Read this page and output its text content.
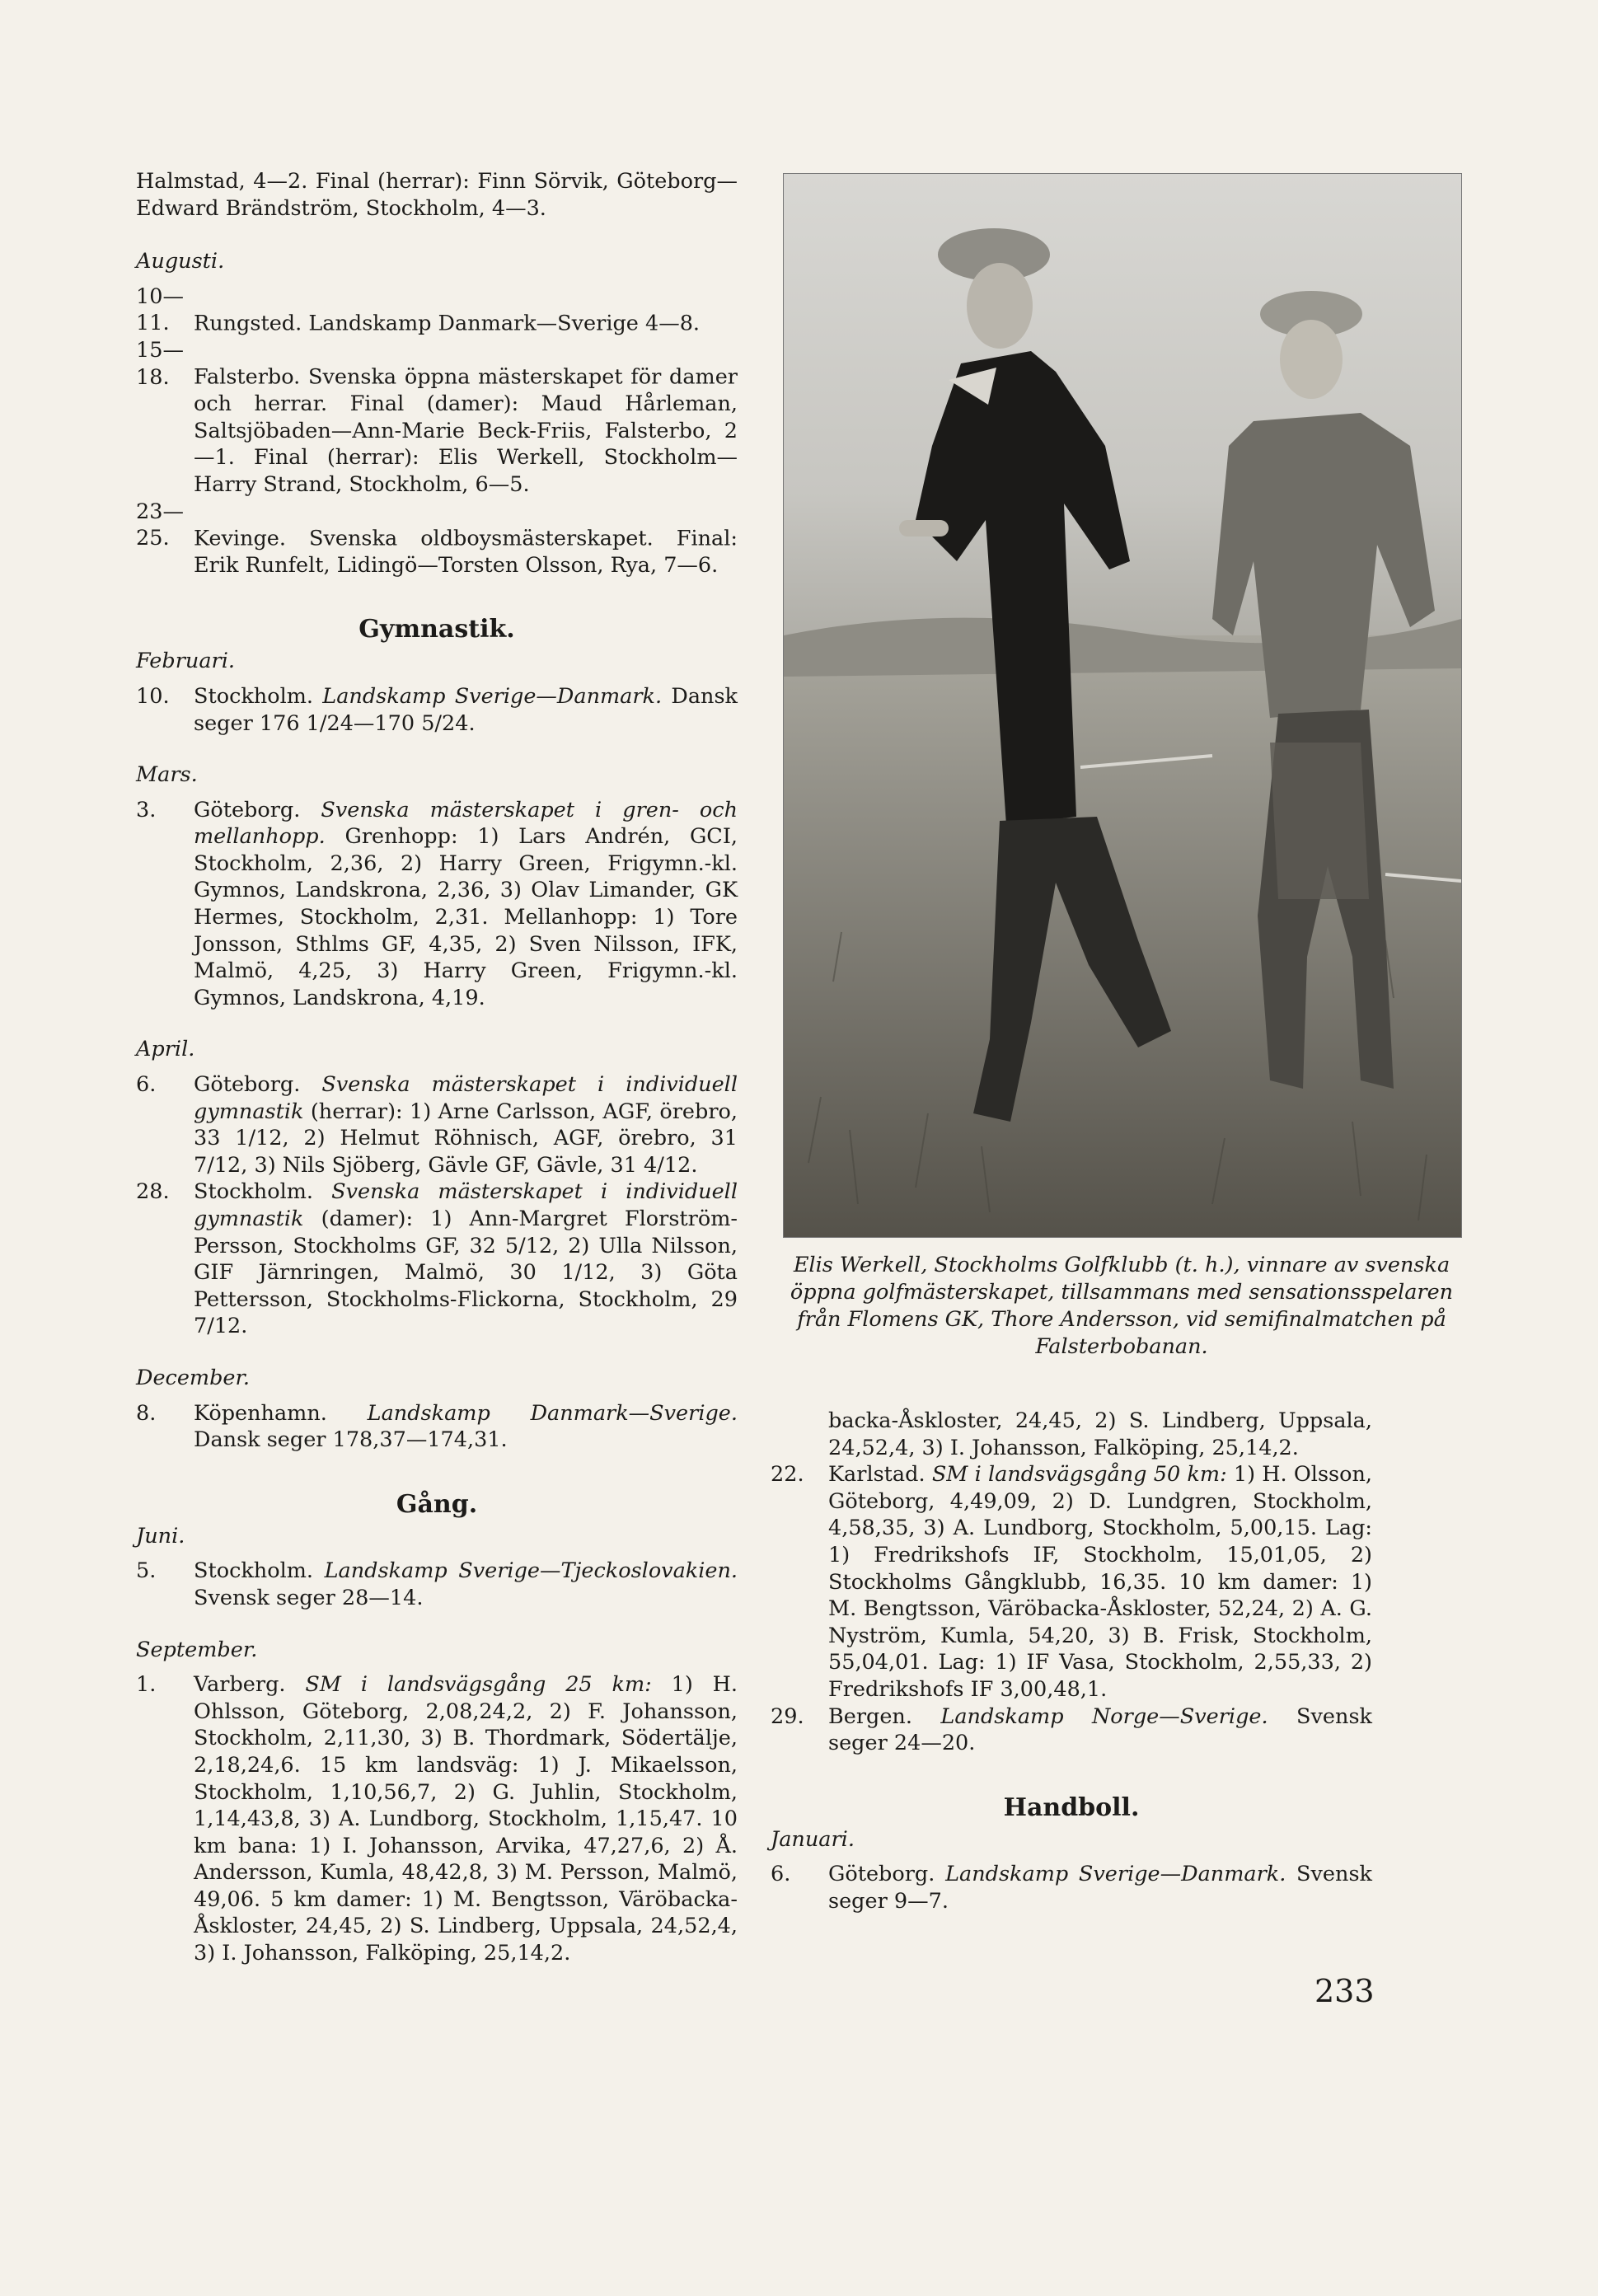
Halmstad, 4—2. Final (herrar): Finn Sörvik, Göteborg—Edward Brändström, Stockholm, 4—3.

Augusti.

10—11. Rungsted. Landskamp Danmark—Sverige 4—8.

15—18. Falsterbo. Svenska öppna mästerskapet för damer och herrar. Final (damer): Maud Hårleman, Saltsjöbaden—Ann-Marie Beck-Friis, Falsterbo, 2—1. Final (herrar): Elis Werkell, Stockholm—Harry Strand, Stockholm, 6—5.

23—25. Kevinge. Svenska oldboysmästerskapet. Final: Erik Runfelt, Lidingö—Torsten Olsson, Rya, 7—6.

Gymnastik.
Februari.

10. Stockholm. Landskamp Sverige—Danmark. Dansk seger 176 1/24—170 5/24.

Mars.

3. Göteborg. Svenska mästerskapet i gren- och mellanhopp. Grenhopp: 1) Lars Andrén, GCI, Stockholm, 2,36, 2) Harry Green, Frigymn.-kl. Gymnos, Landskrona, 2,36, 3) Olav Limander, GK Hermes, Stockholm, 2,31. Mellanhopp: 1) Tore Jonsson, Sthlms GF, 4,35, 2) Sven Nilsson, IFK, Malmö, 4,25, 3) Harry Green, Frigymn.-kl. Gymnos, Landskrona, 4,19.

April.

6. Göteborg. Svenska mästerskapet i individuell gymnastik (herrar): 1) Arne Carlsson, AGF, örebro, 33 1/12, 2) Helmut Röhnisch, AGF, örebro, 31 7/12, 3) Nils Sjöberg, Gävle GF, Gävle, 31 4/12.

28. Stockholm. Svenska mästerskapet i individuell gymnastik (damer): 1) Ann-Margret Florström-Persson, Stockholms GF, 32 5/12, 2) Ulla Nilsson, GIF Järnringen, Malmö, 30 1/12, 3) Göta Pettersson, Stockholms-Flickorna, Stockholm, 29 7/12.

December.

8. Köpenhamn. Landskamp Danmark—Sverige. Dansk seger 178,37—174,31.

Gång.
Juni.

5. Stockholm. Landskamp Sverige—Tjeckoslovakien. Svensk seger 28—14.

September.

1. Varberg. SM i landsvägsgång 25 km: 1) H. Ohlsson, Göteborg, 2,08,24,2, 2) F. Johansson, Stockholm, 2,11,30, 3) B. Thordmark, Södertälje, 2,18,24,6. 15 km landsväg: 1) J. Mikaelsson, Stockholm, 1,10,56,7, 2) G. Juhlin, Stockholm, 1,14,43,8, 3) A. Lundborg, Stockholm, 1,15,47. 10 km bana: 1) I. Johansson, Arvika, 47,27,6, 2) Å. Andersson, Kumla, 48,42,8, 3) M. Persson, Malmö, 49,06. 5 km damer: 1) M. Bengtsson, Väröbacka-Åskloster, 24,45, 2) S. Lindberg, Uppsala, 24,52,4, 3) I. Johansson, Falköping, 25,14,2.

Elis Werkell, Stockholms Golfklubb (t. h.), vinnare av svenska öppna golfmästerskapet, tillsammans med sensationsspelaren från Flomens GK, Thore Andersson, vid semifinalmatchen på Falsterbobanan.

backa-Åskloster, 24,45, 2) S. Lindberg, Uppsala, 24,52,4, 3) I. Johansson, Falköping, 25,14,2.

22. Karlstad. SM i landsvägsgång 50 km: 1) H. Olsson, Göteborg, 4,49,09, 2) D. Lundgren, Stockholm, 4,58,35, 3) A. Lundborg, Stockholm, 5,00,15. Lag: 1) Fredrikshofs IF, Stockholm, 15,01,05, 2) Stockholms Gångklubb, 16,35. 10 km damer: 1) M. Bengtsson, Väröbacka-Åskloster, 52,24, 2) A. G. Nyström, Kumla, 54,20, 3) B. Frisk, Stockholm, 55,04,01. Lag: 1) IF Vasa, Stockholm, 2,55,33, 2) Fredrikshofs IF 3,00,48,1.

29. Bergen. Landskamp Norge—Sverige. Svensk seger 24—20.

Handboll.
Januari.

6. Göteborg. Landskamp Sverige—Danmark. Svensk seger 9—7.

233
